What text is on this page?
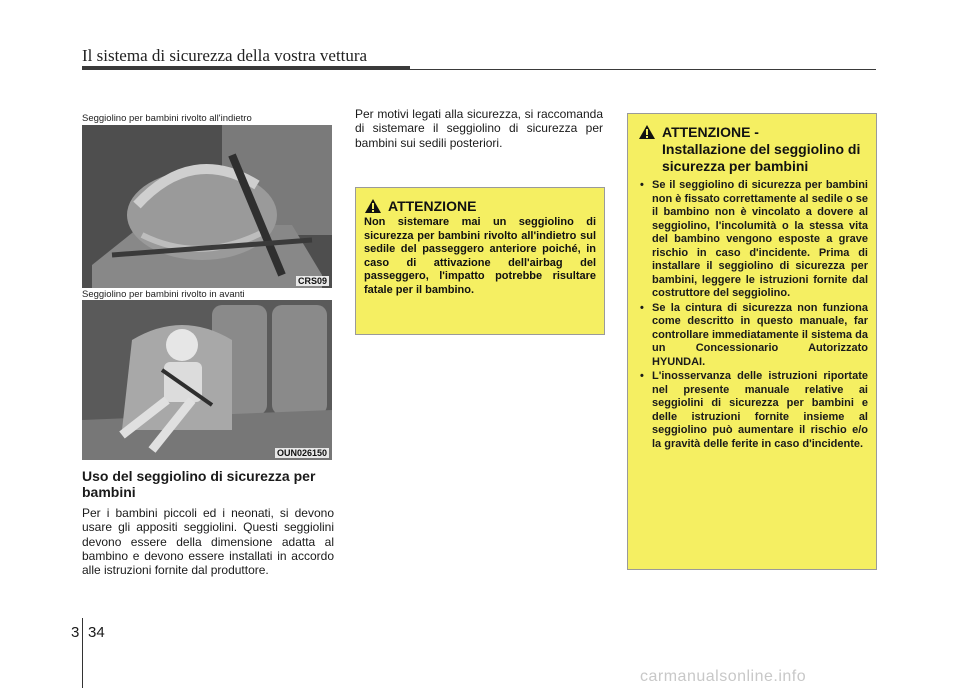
Il sistema di sicurezza della vostra vettura
Seggiolino per bambini rivolto all'indietro
CRS09
Seggiolino per bambini rivolto in avanti
OUN026150
Uso del seggiolino di sicurezza per bambini
Per i bambini piccoli ed i neonati, si devono usare gli appositi seggiolini. Questi seggiolini devono essere della dimensione adatta al bambino e devono essere installati in accordo alle istruzioni fornite dal produttore.
Per motivi legati alla sicurezza, si raccomanda di sistemare il seggiolino di sicurezza per bambini sui sedili posteriori.
ATTENZIONE
Non sistemare mai un seggiolino di sicurezza per bambini rivolto all'indietro sul sedile del passeggero anteriore poiché, in caso di attivazione dell'airbag del passeggero, l'impatto potrebbe risultare fatale per il bambino.
ATTENZIONE -
Installazione del seggiolino di sicurezza per bambini
• Se il seggiolino di sicurezza per bambini non è fissato correttamente al sedile o se il bambino non è vincolato a dovere al seggiolino, l'incolumità o la stessa vita del bambino vengono esposte a grave rischio in caso d'incidente. Prima di installare il seggiolino di sicurezza per bambini, leggere le istruzioni fornite dal costruttore del seggiolino.
• Se la cintura di sicurezza non funziona come descritto in questo manuale, far controllare immediatamente il sistema da un Concessionario Autorizzato HYUNDAI.
• L'inosservanza delle istruzioni riportate nel presente manuale relative ai seggiolini di sicurezza per bambini e delle istruzioni fornite insieme al seggiolino può aumentare il rischio e/o la gravità delle ferite in caso d'incidente.
3 34
carmanualsonline.info
